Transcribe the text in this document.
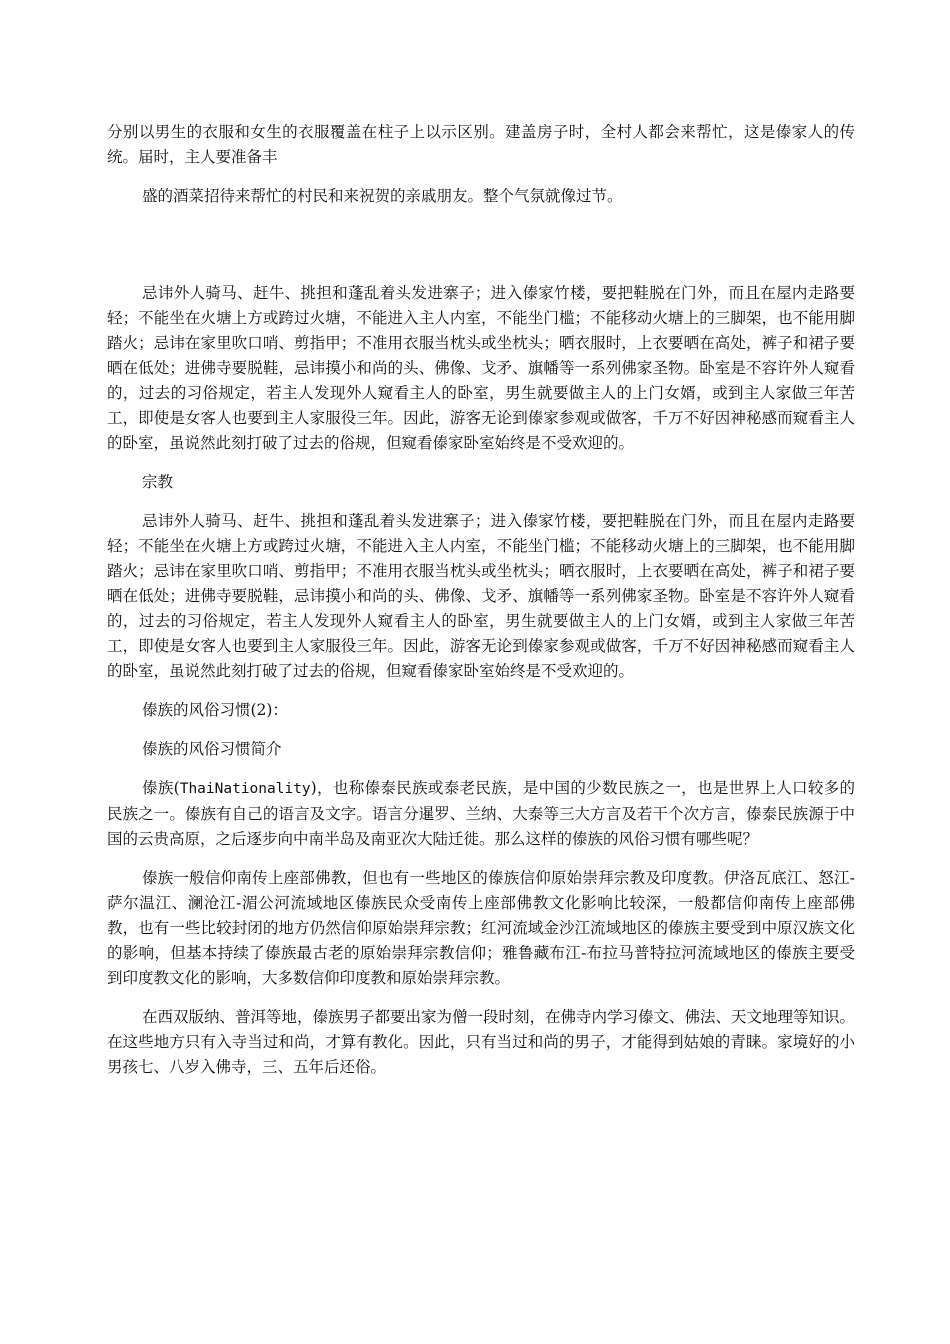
分别以男生的衣服和女生的衣服覆盖在柱子上以示区别。建盖房子时，全村人都会来帮忙，这是傣家人的传统。届时，主人要准备丰

盛的酒菜招待来帮忙的村民和来祝贺的亲戚朋友。整个气氛就像过节。

忌讳外人骑马、赶牛、挑担和蓬乱着头发进寨子；进入傣家竹楼，要把鞋脱在门外，而且在屋内走路要轻；不能坐在火塘上方或跨过火塘，不能进入主人内室，不能坐门槛；不能移动火塘上的三脚架，也不能用脚踏火；忌讳在家里吹口哨、剪指甲；不准用衣服当枕头或坐枕头；晒衣服时，上衣要晒在高处，裤子和裙子要晒在低处；进佛寺要脱鞋，忌讳摸小和尚的头、佛像、戈矛、旗幡等一系列佛家圣物。卧室是不容许外人窥看的，过去的习俗规定，若主人发现外人窥看主人的卧室，男生就要做主人的上门女婿，或到主人家做三年苦工，即使是女客人也要到主人家服役三年。因此，游客无论到傣家参观或做客，千万不好因神秘感而窥看主人的卧室，虽说然此刻打破了过去的俗规，但窥看傣家卧室始终是不受欢迎的。

宗教

忌讳外人骑马、赶牛、挑担和蓬乱着头发进寨子；进入傣家竹楼，要把鞋脱在门外，而且在屋内走路要轻；不能坐在火塘上方或跨过火塘，不能进入主人内室，不能坐门槛；不能移动火塘上的三脚架，也不能用脚踏火；忌讳在家里吹口哨、剪指甲；不准用衣服当枕头或坐枕头；晒衣服时，上衣要晒在高处，裤子和裙子要晒在低处；进佛寺要脱鞋，忌讳摸小和尚的头、佛像、戈矛、旗幡等一系列佛家圣物。卧室是不容许外人窥看的，过去的习俗规定，若主人发现外人窥看主人的卧室，男生就要做主人的上门女婿，或到主人家做三年苦工，即使是女客人也要到主人家服役三年。因此，游客无论到傣家参观或做客，千万不好因神秘感而窥看主人的卧室，虽说然此刻打破了过去的俗规，但窥看傣家卧室始终是不受欢迎的。

傣族的风俗习惯(2)：

傣族的风俗习惯简介

傣族(ThaiNationality)，也称傣泰民族或泰老民族，是中国的少数民族之一，也是世界上人口较多的民族之一。傣族有自己的语言及文字。语言分暹罗、兰纳、大泰等三大方言及若干个次方言，傣泰民族源于中国的云贵高原，之后逐步向中南半岛及南亚次大陆迁徙。那么这样的傣族的风俗习惯有哪些呢？

傣族一般信仰南传上座部佛教，但也有一些地区的傣族信仰原始崇拜宗教及印度教。伊洛瓦底江、怒江-萨尔温江、澜沧江-湄公河流域地区傣族民众受南传上座部佛教文化影响比较深，一般都信仰南传上座部佛教，也有一些比较封闭的地方仍然信仰原始崇拜宗教；红河流域金沙江流域地区的傣族主要受到中原汉族文化的影响，但基本持续了傣族最古老的原始崇拜宗教信仰；雅鲁藏布江-布拉马普特拉河流域地区的傣族主要受到印度教文化的影响，大多数信仰印度教和原始崇拜宗教。

在西双版纳、普洱等地，傣族男子都要出家为僧一段时刻，在佛寺内学习傣文、佛法、天文地理等知识。在这些地方只有入寺当过和尚，才算有教化。因此，只有当过和尚的男子，才能得到姑娘的青睐。家境好的小男孩七、八岁入佛寺，三、五年后还俗。
